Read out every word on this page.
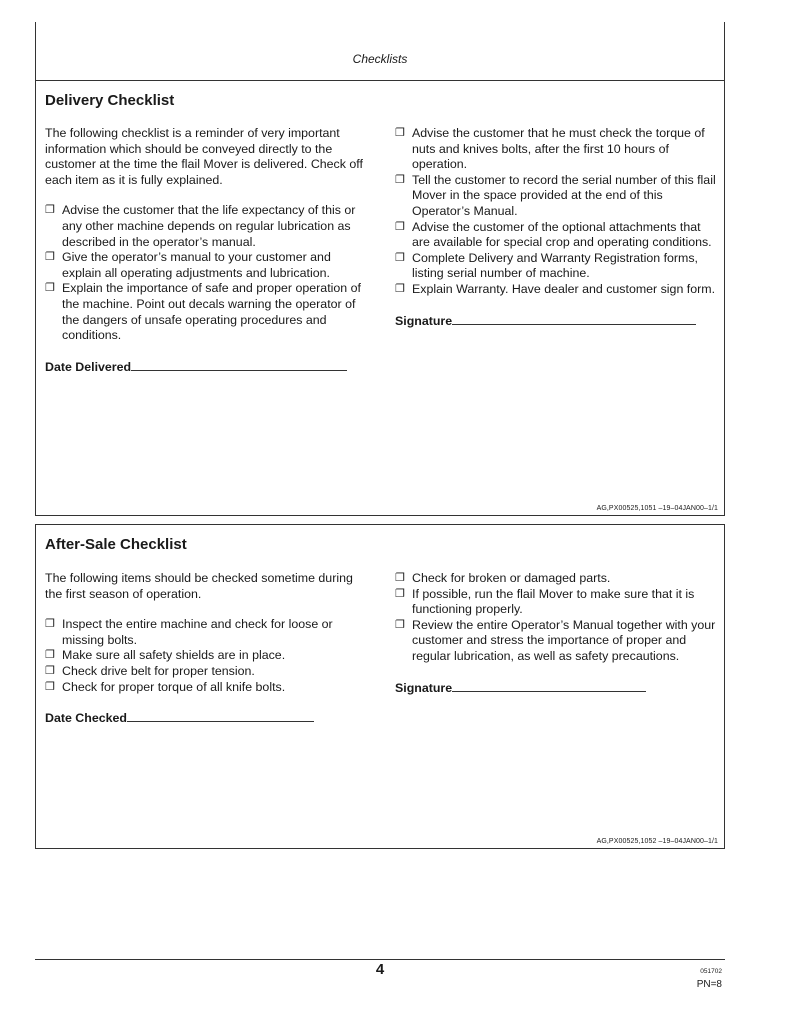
Checklists
Delivery Checklist

The following checklist is a reminder of very important information which should be conveyed directly to the customer at the time the flail Mover is delivered. Check off each item as it is fully explained.

❐ Advise the customer that the life expectancy of this or any other machine depends on regular lubrication as described in the operator’s manual.
❐ Give the operator’s manual to your customer and explain all operating adjustments and lubrication.
❐ Explain the importance of safe and proper operation of the machine. Point out decals warning the operator of the dangers of unsafe operating procedures and conditions.
Date Delivered
❐ Advise the customer that he must check the torque of nuts and knives bolts, after the first 10 hours of operation.
❐ Tell the customer to record the serial number of this flail Mover in the space provided at the end of this Operator’s Manual.
❐ Advise the customer of the optional attachments that are available for special crop and operating conditions.
❐ Complete Delivery and Warranty Registration forms, listing serial number of machine.
❐ Explain Warranty. Have dealer and customer sign form.
Signature
AG,PX00525,1051 –19–04JAN00–1/1
After-Sale Checklist

The following items should be checked sometime during the first season of operation.

❐ Inspect the entire machine and check for loose or missing bolts.
❐ Make sure all safety shields are in place.
❐ Check drive belt for proper tension.
❐ Check for proper torque of all knife bolts.
Date Checked
❐ Check for broken or damaged parts.
❐ If possible, run the flail Mover to make sure that it is functioning properly.
❐ Review the entire Operator’s Manual together with your customer and stress the importance of proper and regular lubrication, as well as safety precautions.
Signature
AG,PX00525,1052 –19–04JAN00–1/1
4	051702
PN=8
